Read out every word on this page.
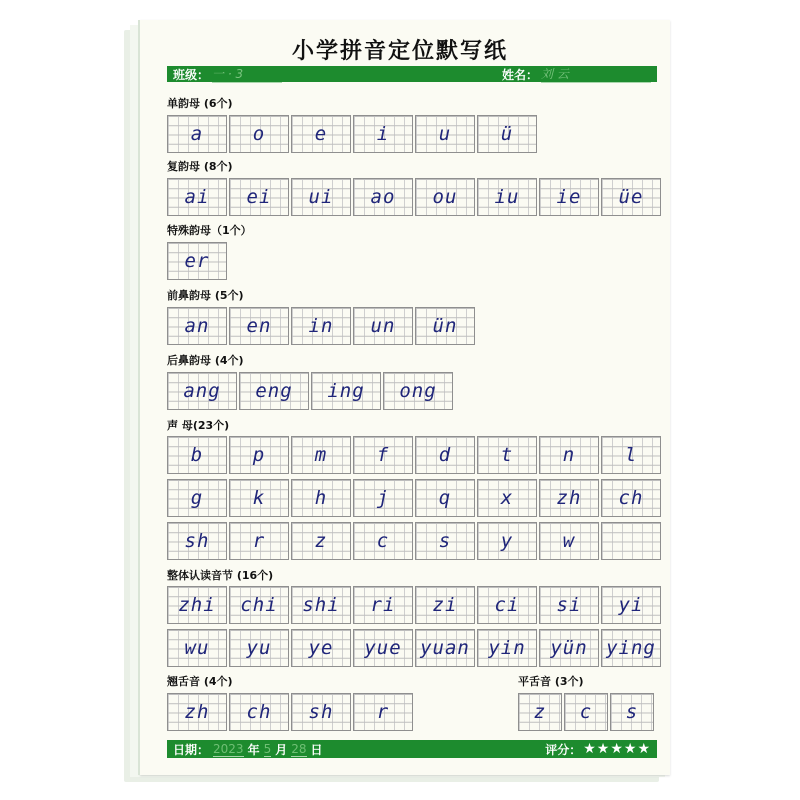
小学拼音定位默写纸
班级： 一 · 3	姓名： 刘 云
单韵母 (6个)
a	o	e	i	u	ü
复韵母 (8个)
ai ei ui ao ou iu ie üe
特殊韵母（1个）
er
前鼻韵母 (5个)
an en in un ün
后鼻韵母 (4个)
ang eng ing ong
声 母(23个)
b	p	m	f	d	t	n	l
g	k	h	j	q	x zh ch
sh r	z	c	s	y	w
整体认读音节 (16个)
zhi chi shi ri zi ci si yi
wu yu ye yue yuan yin yün ying
翘舌音 (4个)
zh ch sh r
平舌音 (3个)
z c s
日期： 2023 年 5 月 28 日	评分： ★★★★★
